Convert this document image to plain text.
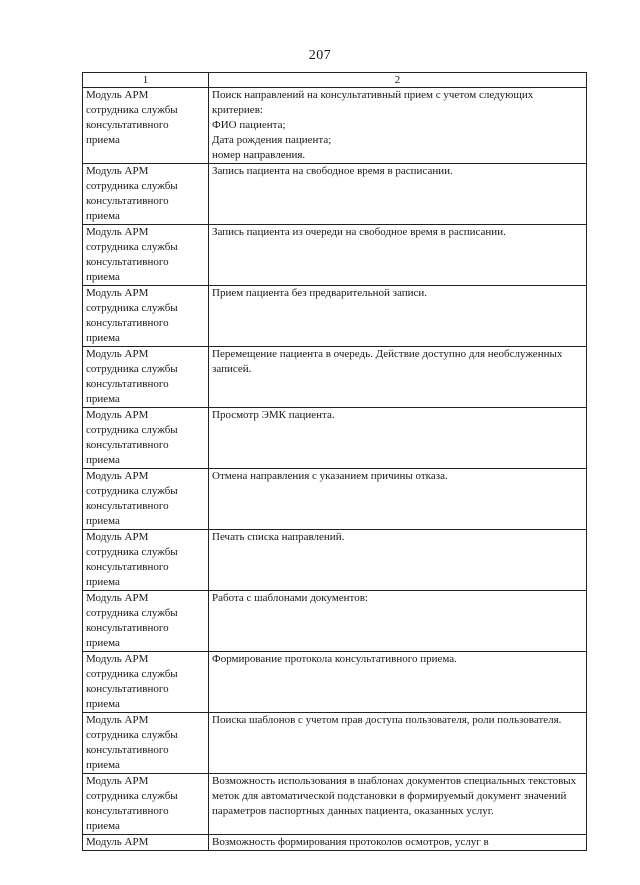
207
1	2
Модуль АРМ
сотрудника службы
консультативного
приема	Поиск направлений на консультативный прием с учетом следующих критериев:
ФИО пациента;
Дата рождения пациента;
номер направления.

Модуль АРМ
сотрудника службы
консультативного
приема	Запись пациента на свободное время в расписании.

Модуль АРМ
сотрудника службы
консультативного
приема	Запись пациента из очереди на свободное время в расписании.

Модуль АРМ
сотрудника службы
консультативного
приема	Прием пациента без предварительной записи.

Модуль АРМ
сотрудника службы
консультативного
приема	Перемещение пациента в очередь. Действие доступно для необслуженных записей.

Модуль АРМ
сотрудника службы
консультативного
приема	Просмотр ЭМК пациента.

Модуль АРМ
сотрудника службы
консультативного
приема	Отмена направления с указанием причины отказа.

Модуль АРМ
сотрудника службы
консультативного
приема	Печать списка направлений.

Модуль АРМ
сотрудника службы
консультативного
приема	Работа с шаблонами документов:

Модуль АРМ
сотрудника службы
консультативного
приема	Формирование протокола консультативного приема.

Модуль АРМ
сотрудника службы
консультативного
приема	Поиска шаблонов с учетом прав доступа пользователя, роли пользователя.

Модуль АРМ
сотрудника службы
консультативного
приема	Возможность использования в шаблонах документов специальных текстовых меток для автоматической подстановки в формируемый документ значений параметров паспортных данных пациента, оказанных услуг.

Модуль АРМ	Возможность формирования протоколов осмотров, услуг в
